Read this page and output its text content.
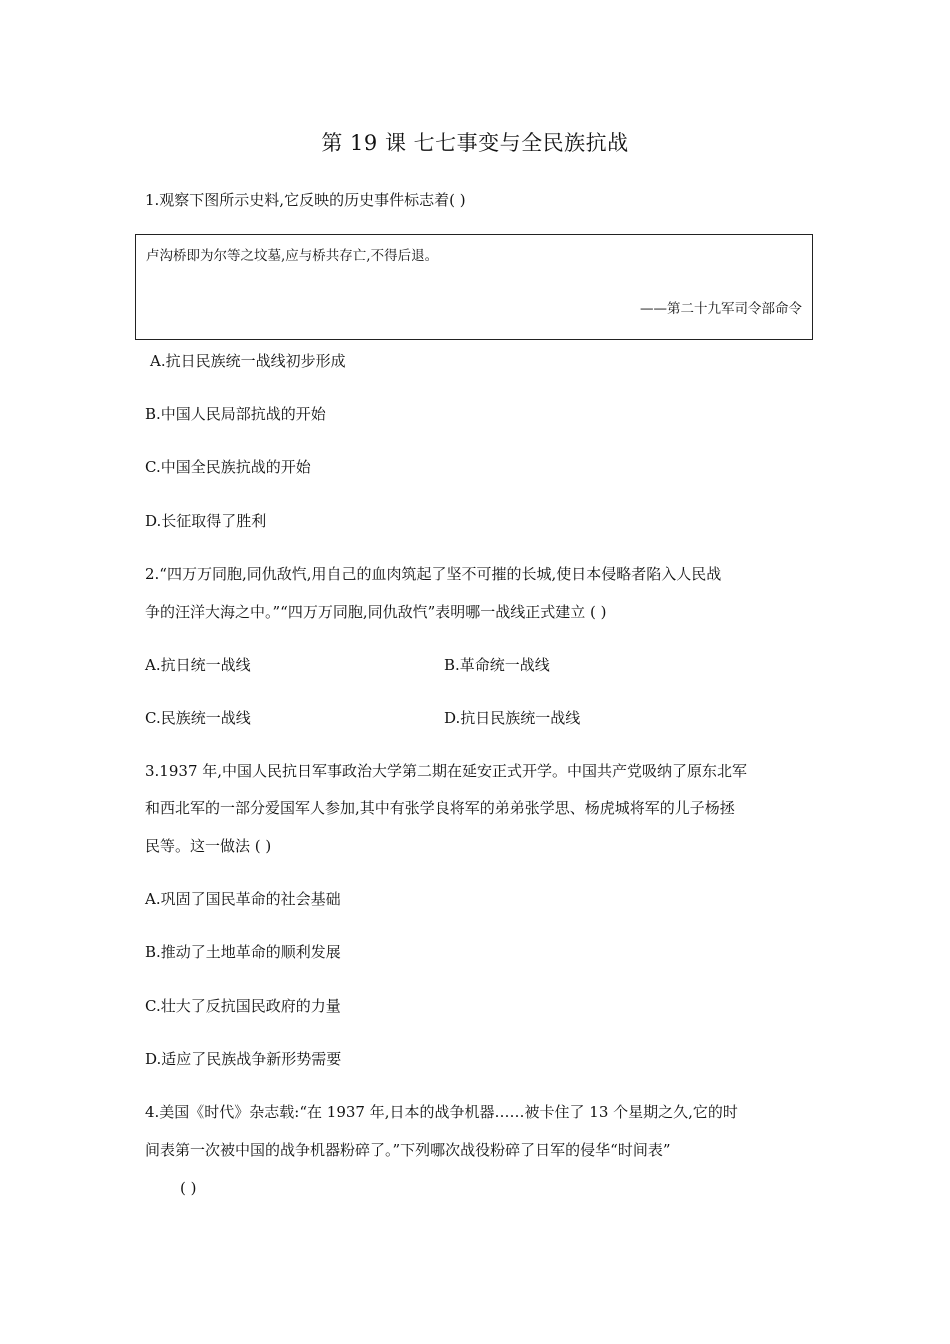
第 19 课 七七事变与全民族抗战
1.观察下图所示史料,它反映的历史事件标志着( )
卢沟桥即为尔等之坟墓,应与桥共存亡,不得后退。
——第二十九军司令部命令
A.抗日民族统一战线初步形成
B.中国人民局部抗战的开始
C.中国全民族抗战的开始
D.长征取得了胜利
2.“四万万同胞,同仇敌忾,用自己的血肉筑起了坚不可摧的长城,使日本侵略者陷入人民战
争的汪洋大海之中。”“四万万同胞,同仇敌忾”表明哪一战线正式建立 ( )
A.抗日统一战线	B.革命统一战线
C.民族统一战线	D.抗日民族统一战线
3.1937 年,中国人民抗日军事政治大学第二期在延安正式开学。中国共产党吸纳了原东北军
和西北军的一部分爱国军人参加,其中有张学良将军的弟弟张学思、杨虎城将军的儿子杨拯
民等。这一做法 ( )
A.巩固了国民革命的社会基础
B.推动了土地革命的顺利发展
C.壮大了反抗国民政府的力量
D.适应了民族战争新形势需要
4.美国《时代》杂志载:“在 1937 年,日本的战争机器……被卡住了 13 个星期之久,它的时
间表第一次被中国的战争机器粉碎了。”下列哪次战役粉碎了日军的侵华“时间表”
( )
